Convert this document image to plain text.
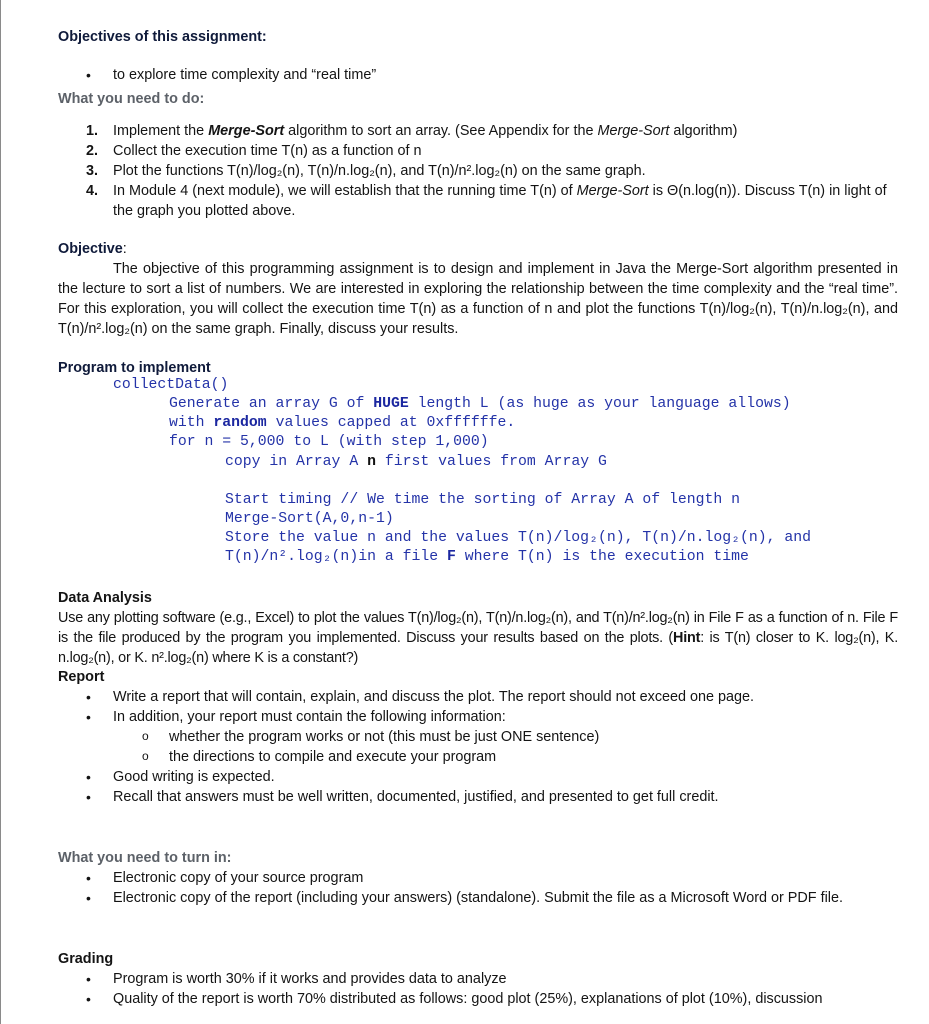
Objectives of this assignment:
• to explore time complexity and “real time”
What you need to do:
1. Implement the Merge-Sort algorithm to sort an array. (See Appendix for the Merge-Sort algorithm)
2. Collect the execution time T(n) as a function of n
3. Plot the functions T(n)/log₂(n), T(n)/n.log₂(n), and T(n)/n².log₂(n) on the same graph.
4. In Module 4 (next module), we will establish that the running time T(n) of Merge-Sort is Θ(n.log(n)). Discuss T(n) in light of the graph you plotted above.
Objective:
The objective of this programming assignment is to design and implement in Java the Merge-Sort algorithm presented in the lecture to sort a list of numbers. We are interested in exploring the relationship between the time complexity and the “real time”. For this exploration, you will collect the execution time T(n) as a function of n and plot the functions T(n)/log₂(n), T(n)/n.log₂(n), and T(n)/n².log₂(n) on the same graph. Finally, discuss your results.
Program to implement
collectData()
Generate an array G of HUGE length L (as huge as your language allows)
with random values capped at 0xffffffe.
for n = 5,000 to L (with step 1,000)
copy in Array A n first values from Array G
Start timing // We time the sorting of Array A of length n
Merge-Sort(A,0,n-1)
Store the value n and the values T(n)/log₂(n), T(n)/n.log₂(n), and
T(n)/n².log₂(n)in a file F where T(n) is the execution time
Data Analysis
Use any plotting software (e.g., Excel) to plot the values T(n)/log₂(n), T(n)/n.log₂(n), and T(n)/n².log₂(n) in File F as a function of n. File F is the file produced by the program you implemented. Discuss your results based on the plots. (Hint: is T(n) closer to K. log₂(n), K. n.log₂(n), or K. n².log₂(n) where K is a constant?)
Report
• Write a report that will contain, explain, and discuss the plot. The report should not exceed one page.
• In addition, your report must contain the following information:
o whether the program works or not (this must be just ONE sentence)
o the directions to compile and execute your program
• Good writing is expected.
• Recall that answers must be well written, documented, justified, and presented to get full credit.
What you need to turn in:
• Electronic copy of your source program
• Electronic copy of the report (including your answers) (standalone). Submit the file as a Microsoft Word or PDF file.
Grading
• Program is worth 30% if it works and provides data to analyze
• Quality of the report is worth 70% distributed as follows: good plot (25%), explanations of plot (10%), discussion
